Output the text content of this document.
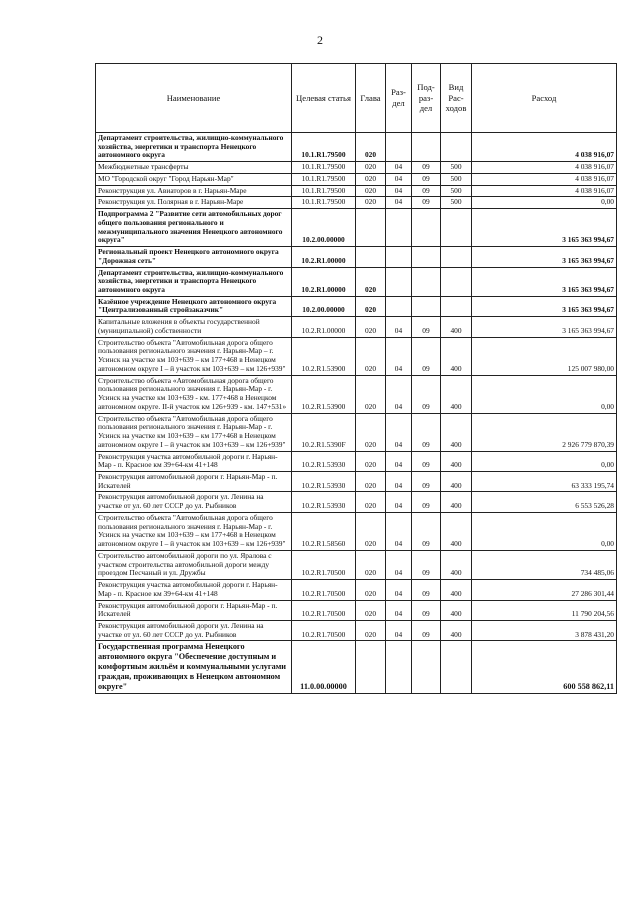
2
Наименование	Целевая статья	Глава	Раз- дел	Под- раз- дел	Вид Рас- ходов	Расход
Департамент строительства, жилищно-коммунального хозяйства, энергетики и транспорта Ненецкого автономного округа	10.1.R1.79500	020				4 038 916,07
Межбюджетные трансферты	10.1.R1.79500	020	04	09	500	4 038 916,07
МО "Городской округ "Город Нарьян-Мар"	10.1.R1.79500	020	04	09	500	4 038 916,07
Реконструкция ул. Авиаторов в г. Нарьян-Маре	10.1.R1.79500	020	04	09	500	4 038 916,07
Реконструкция ул. Полярная в г. Нарьян-Маре	10.1.R1.79500	020	04	09	500	0,00
Подпрограмма 2 "Развитие сети автомобильных дорог общего пользования регионального и межмуниципального значения Ненецкого автономного округа"	10.2.00.00000					3 165 363 994,67
Региональный проект Ненецкого автономного округа "Дорожная сеть"	10.2.R1.00000					3 165 363 994,67
Департамент строительства, жилищно-коммунального хозяйства, энергетики и транспорта Ненецкого автономного округа	10.2.R1.00000	020				3 165 363 994,67
Казённое учреждение Ненецкого автономного округа "Централизованный стройзаказчик"	10.2.00.00000	020				3 165 363 994,67
Капитальные вложения в объекты государственной (муниципальной) собственности	10.2.R1.00000	020	04	09	400	3 165 363 994,67
Строительство объекта "Автомобильная дорога общего пользования регионального значения г. Нарьян-Мар – г. Усинск на участке км 103+639 – км 177+468 в Ненецком автономном округе I – й участок км 103+639 – км 126+939"	10.2.R1.53900	020	04	09	400	125 007 980,00
Строительство объекта «Автомобильная дорога общего пользования регионального значения г. Нарьян-Мар - г. Усинск на участке км 103+639 - км. 177+468 в Ненецком автономном округе. II-й участок км 126+939 - км. 147+531»	10.2.R1.53900	020	04	09	400	0,00
Строительство объекта "Автомобильная дорога общего пользования регионального значения г. Нарьян-Мар - г. Усинск на участке км 103+639 – км 177+468 в Ненецком автономном округе I – й участок км 103+639 – км 126+939"	10.2.R1.5390F	020	04	09	400	2 926 779 870,39
Реконструкция участка автомобильной дороги г. Нарьян-Мар - п. Красное км 39+64-км 41+148	10.2.R1.53930	020	04	09	400	0,00
Реконструкция автомобильной дороги г. Нарьян-Мар - п. Искателей	10.2.R1.53930	020	04	09	400	63 333 195,74
Реконструкция автомобильной дороги ул. Ленина на участке от ул. 60 лет СССР до ул. Рыбников	10.2.R1.53930	020	04	09	400	6 553 526,28
Строительство объекта "Автомобильная дорога общего пользования регионального значения г. Нарьян-Мар - г. Усинск на участке км 103+639 – км 177+468 в Ненецком автономном округе I – й участок км 103+639 – км 126+939"	10.2.R1.58560	020	04	09	400	0,00
Строительство автомобильной дороги по ул. Яралова с участком строительства автомобильной дороги между проездом Песчаный и ул. Дружбы	10.2.R1.70500	020	04	09	400	734 485,06
Реконструкция участка автомобильной дороги г. Нарьян-Мар - п. Красное км 39+64-км 41+148	10.2.R1.70500	020	04	09	400	27 286 301,44
Реконструкция автомобильной дороги г. Нарьян-Мар - п. Искателей	10.2.R1.70500	020	04	09	400	11 790 204,56
Реконструкция автомобильной дороги ул. Ленина на участке от ул. 60 лет СССР до ул. Рыбников	10.2.R1.70500	020	04	09	400	3 878 431,20
Государственная программа Ненецкого автономного округа "Обеспечение доступным и комфортным жильём и коммунальными услугами граждан, проживающих в Ненецком автономном округе"	11.0.00.00000					600 558 862,11
